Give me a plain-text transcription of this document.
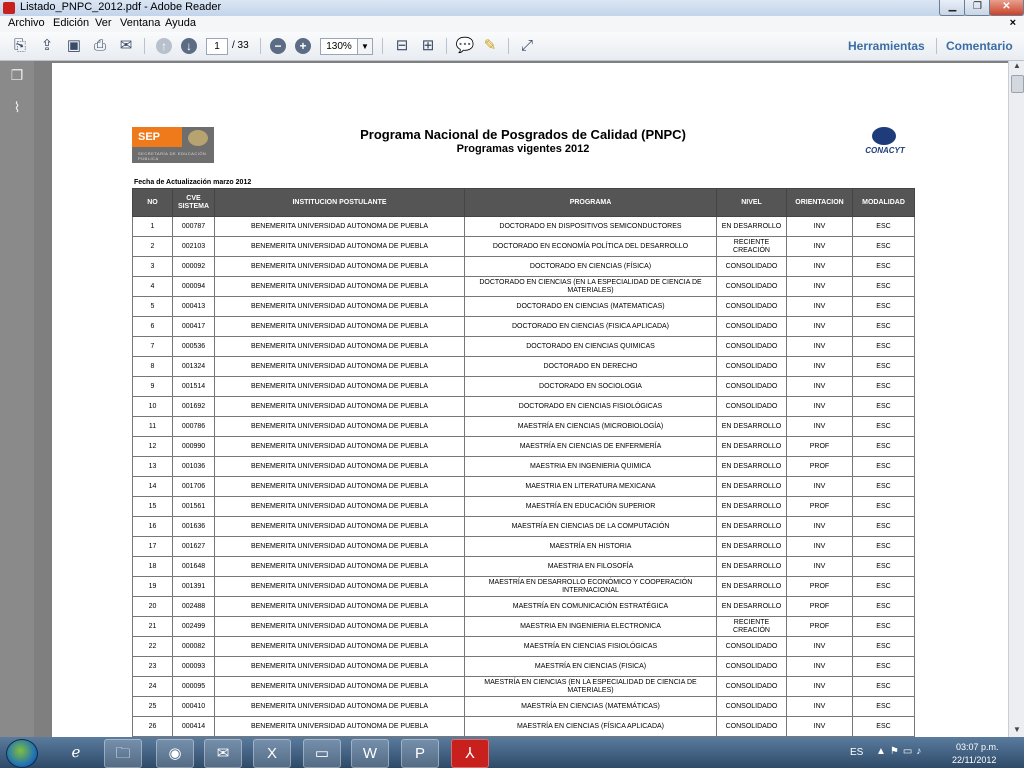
Listado_PNPC_2012.pdf - Adobe Reader	▁	❐	✕
Archivo Edición Ver Ventana Ayuda	×
⎘ ⇪ ▣ ⎙ ✉	↑	↓	1	/ 33	−	+	130%	▼ ⊟ ⊞ 💬 ✎ ⤢	Herramientas Comentario
❐
⌇
SEP
SECRETARÍA DE EDUCACIÓN PÚBLICA
Programa Nacional de Posgrados de Calidad (PNPC)
Programas vigentes 2012	CONACYT
Fecha de Actualización marzo 2012
NO	CVE SISTEMA	INSTITUCION POSTULANTE	PROGRAMA	NIVEL	ORIENTACION	MODALIDAD
1	000787	BENEMERITA UNIVERSIDAD AUTONOMA DE PUEBLA	DOCTORADO EN DISPOSITIVOS SEMICONDUCTORES	EN DESARROLLO	INV	ESC
2	002103	BENEMERITA UNIVERSIDAD AUTONOMA DE PUEBLA	DOCTORADO EN ECONOMÍA POLÍTICA DEL DESARROLLO	RECIENTE CREACIÓN	INV	ESC
3	000092	BENEMERITA UNIVERSIDAD AUTONOMA DE PUEBLA	DOCTORADO EN CIENCIAS (FÍSICA)	CONSOLIDADO	INV	ESC
4	000094	BENEMERITA UNIVERSIDAD AUTONOMA DE PUEBLA	DOCTORADO EN CIENCIAS (EN LA ESPECIALIDAD DE CIENCIA DE MATERIALES)	CONSOLIDADO	INV	ESC
5	000413	BENEMERITA UNIVERSIDAD AUTONOMA DE PUEBLA	DOCTORADO EN CIENCIAS (MATEMATICAS)	CONSOLIDADO	INV	ESC
6	000417	BENEMERITA UNIVERSIDAD AUTONOMA DE PUEBLA	DOCTORADO EN CIENCIAS (FISICA APLICADA)	CONSOLIDADO	INV	ESC
7	000536	BENEMERITA UNIVERSIDAD AUTONOMA DE PUEBLA	DOCTORADO EN CIENCIAS QUIMICAS	CONSOLIDADO	INV	ESC
8	001324	BENEMERITA UNIVERSIDAD AUTONOMA DE PUEBLA	DOCTORADO EN DERECHO	CONSOLIDADO	INV	ESC
9	001514	BENEMERITA UNIVERSIDAD AUTONOMA DE PUEBLA	DOCTORADO EN SOCIOLOGIA	CONSOLIDADO	INV	ESC
10	001692	BENEMERITA UNIVERSIDAD AUTONOMA DE PUEBLA	DOCTORADO EN CIENCIAS FISIOLÓGICAS	CONSOLIDADO	INV	ESC
11	000786	BENEMERITA UNIVERSIDAD AUTONOMA DE PUEBLA	MAESTRÍA EN CIENCIAS (MICROBIOLOGÍA)	EN DESARROLLO	INV	ESC
12	000990	BENEMERITA UNIVERSIDAD AUTONOMA DE PUEBLA	MAESTRÍA EN CIENCIAS DE ENFERMERÍA	EN DESARROLLO	PROF	ESC
13	001036	BENEMERITA UNIVERSIDAD AUTONOMA DE PUEBLA	MAESTRIA EN INGENIERIA QUIMICA	EN DESARROLLO	PROF	ESC
14	001706	BENEMERITA UNIVERSIDAD AUTONOMA DE PUEBLA	MAESTRIA EN LITERATURA MEXICANA	EN DESARROLLO	INV	ESC
15	001561	BENEMERITA UNIVERSIDAD AUTONOMA DE PUEBLA	MAESTRÍA EN EDUCACIÓN SUPERIOR	EN DESARROLLO	PROF	ESC
16	001636	BENEMERITA UNIVERSIDAD AUTONOMA DE PUEBLA	MAESTRÍA EN CIENCIAS DE LA COMPUTACIÓN	EN DESARROLLO	INV	ESC
17	001627	BENEMERITA UNIVERSIDAD AUTONOMA DE PUEBLA	MAESTRÍA EN HISTORIA	EN DESARROLLO	INV	ESC
18	001648	BENEMERITA UNIVERSIDAD AUTONOMA DE PUEBLA	MAESTRIA EN FILOSOFÍA	EN DESARROLLO	INV	ESC
19	001391	BENEMERITA UNIVERSIDAD AUTONOMA DE PUEBLA	MAESTRÍA EN DESARROLLO ECONÓMICO Y COOPERACIÓN INTERNACIONAL	EN DESARROLLO	PROF	ESC
20	002488	BENEMERITA UNIVERSIDAD AUTONOMA DE PUEBLA	MAESTRÍA EN COMUNICACIÓN ESTRATÉGICA	EN DESARROLLO	PROF	ESC
21	002499	BENEMERITA UNIVERSIDAD AUTONOMA DE PUEBLA	MAESTRIA EN INGENIERIA ELECTRONICA	RECIENTE CREACIÓN	PROF	ESC
22	000082	BENEMERITA UNIVERSIDAD AUTONOMA DE PUEBLA	MAESTRÍA EN CIENCIAS FISIOLÓGICAS	CONSOLIDADO	INV	ESC
23	000093	BENEMERITA UNIVERSIDAD AUTONOMA DE PUEBLA	MAESTRÍA EN CIENCIAS (FISICA)	CONSOLIDADO	INV	ESC
24	000095	BENEMERITA UNIVERSIDAD AUTONOMA DE PUEBLA	MAESTRÍA EN CIENCIAS (EN LA ESPECIALIDAD DE CIENCIA DE MATERIALES)	CONSOLIDADO	INV	ESC
25	000410	BENEMERITA UNIVERSIDAD AUTONOMA DE PUEBLA	MAESTRÍA EN CIENCIAS (MATEMÁTICAS)	CONSOLIDADO	INV	ESC
26	000414	BENEMERITA UNIVERSIDAD AUTONOMA DE PUEBLA	MAESTRÍA EN CIENCIAS (FÍSICA APLICADA)	CONSOLIDADO	INV	ESC
▲
▼
ℯ	🗀	◉	✉	X	▭	W	P	⅄	ES ▲⚑▭♪	03:07 p.m.
22/11/2012
